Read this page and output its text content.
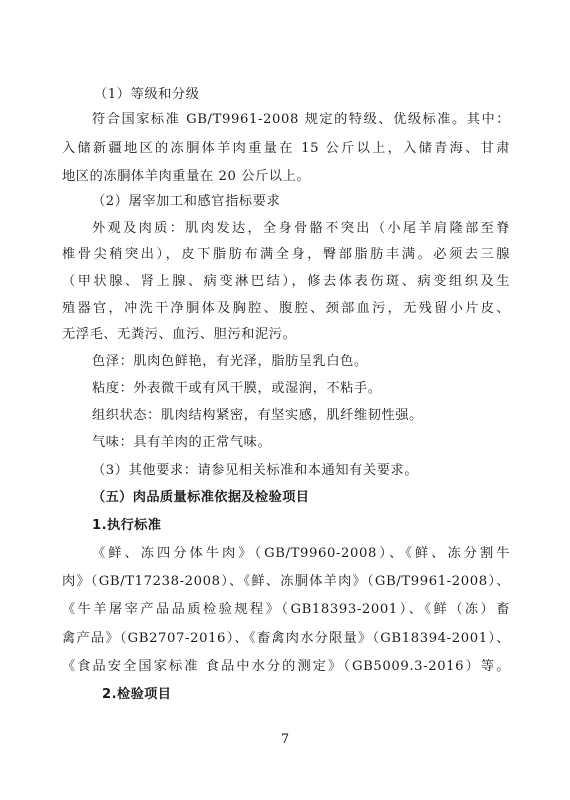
（1）等级和分级
符合国家标准 GB/T9961-2008 规定的特级、优级标准。其中：
入储新疆地区的冻胴体羊肉重量在 15 公斤以上，入储青海、甘肃
地区的冻胴体羊肉重量在 20 公斤以上。
（2）屠宰加工和感官指标要求
外观及肉质：肌肉发达，全身骨骼不突出（小尾羊肩隆部至脊
椎骨尖稍突出），皮下脂肪布满全身，臀部脂肪丰满。必须去三腺
（甲状腺、肾上腺、病变淋巴结），修去体表伤斑、病变组织及生
殖器官，冲洗干净胴体及胸腔、腹腔、颈部血污，无残留小片皮、
无浮毛、无粪污、血污、胆污和泥污。
色泽：肌肉色鲜艳，有光泽，脂肪呈乳白色。
粘度：外表微干或有风干膜，或湿润，不粘手。
组织状态：肌肉结构紧密，有坚实感，肌纤维韧性强。
气味：具有羊肉的正常气味。
（3）其他要求：请参见相关标准和本通知有关要求。
（五）肉品质量标准依据及检验项目
1.执行标准
《鲜、冻四分体牛肉》（GB/T9960-2008）、《鲜、冻分割牛
肉》（GB/T17238-2008）、《鲜、冻胴体羊肉》（GB/T9961-2008）、
《牛羊屠宰产品品质检验规程》（GB18393-2001）、《鲜（冻）畜
禽产品》（GB2707-2016）、《畜禽肉水分限量》（GB18394-2001）、
《食品安全国家标准 食品中水分的测定》（GB5009.3-2016）等。
2.检验项目
7
